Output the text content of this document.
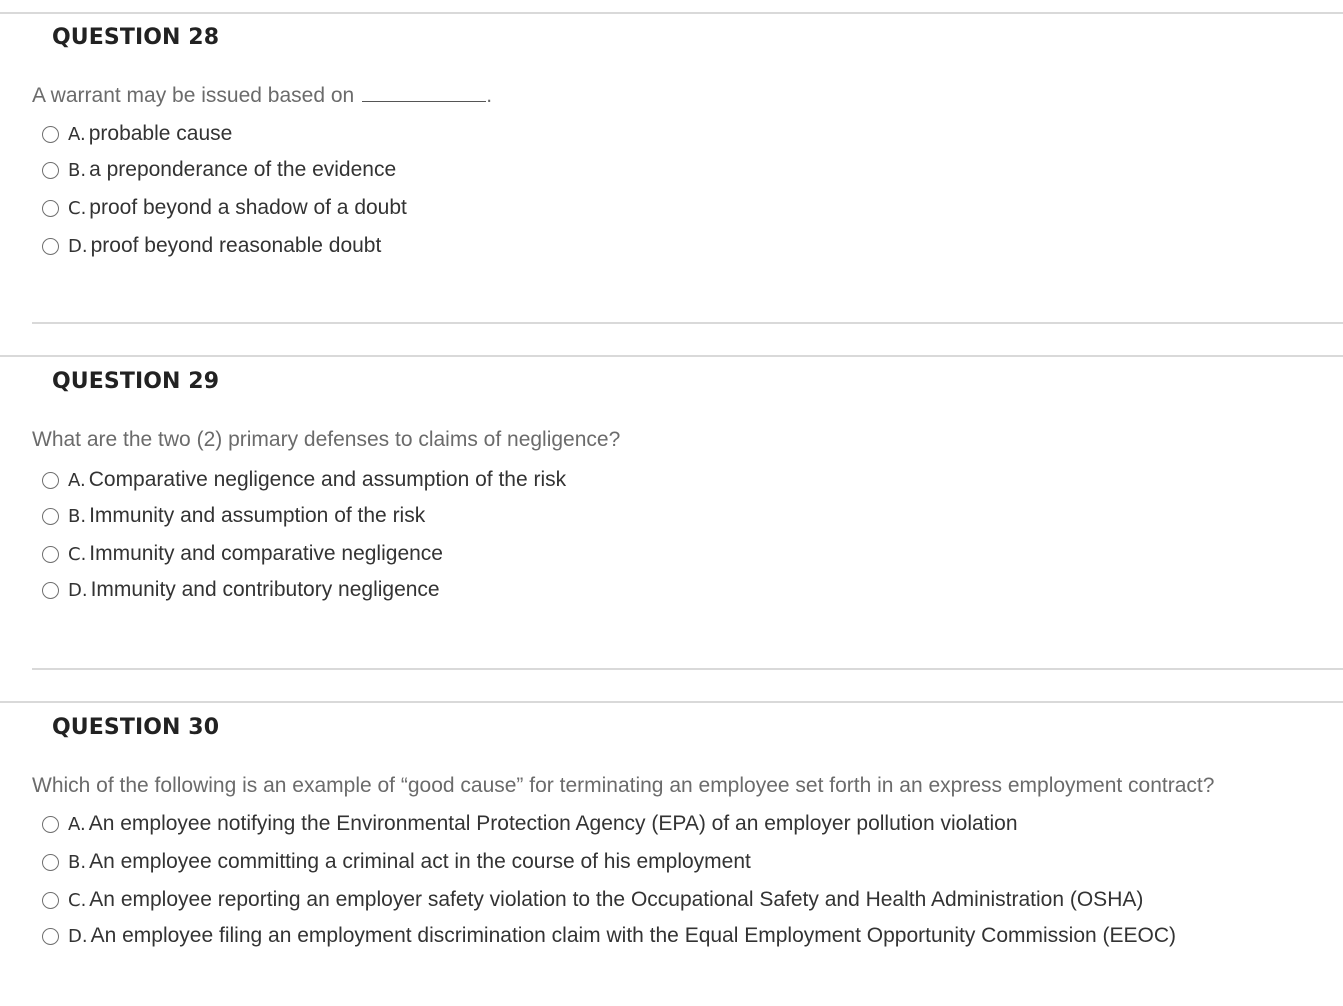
QUESTION 28
A warrant may be issued based on	.
A. probable cause
B. a preponderance of the evidence
C. proof beyond a shadow of a doubt
D. proof beyond reasonable doubt
QUESTION 29
What are the two (2) primary defenses to claims of negligence?
A. Comparative negligence and assumption of the risk
B. Immunity and assumption of the risk
C. Immunity and comparative negligence
D. Immunity and contributory negligence
QUESTION 30
Which of the following is an example of “good cause” for terminating an employee set forth in an express employment contract?
A. An employee notifying the Environmental Protection Agency (EPA) of an employer pollution violation
B. An employee committing a criminal act in the course of his employment
C. An employee reporting an employer safety violation to the Occupational Safety and Health Administration (OSHA)
D. An employee filing an employment discrimination claim with the Equal Employment Opportunity Commission (EEOC)
